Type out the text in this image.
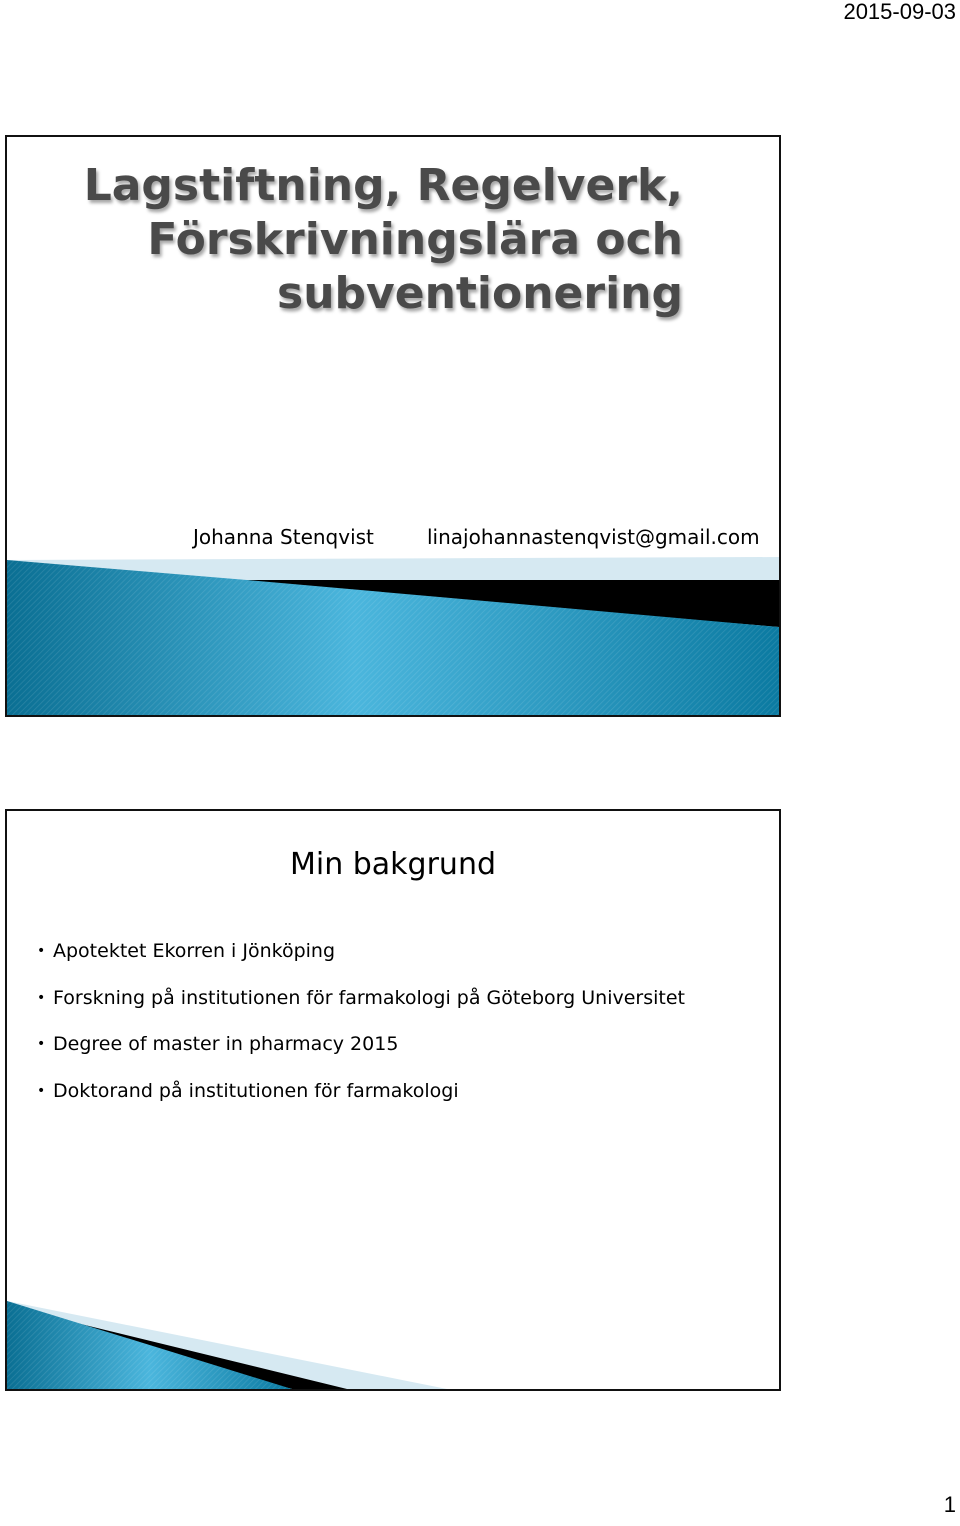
2015-09-03
Lagstiftning, Regelverk,
Förskrivningslära och
subventionering
Johanna Stenqvist	linajohannastenqvist@gmail.com
Min bakgrund
• Apotektet Ekorren i Jönköping
• Forskning på institutionen för farmakologi på Göteborg Universitet
• Degree of master in pharmacy 2015
• Doktorand på institutionen för farmakologi
1
